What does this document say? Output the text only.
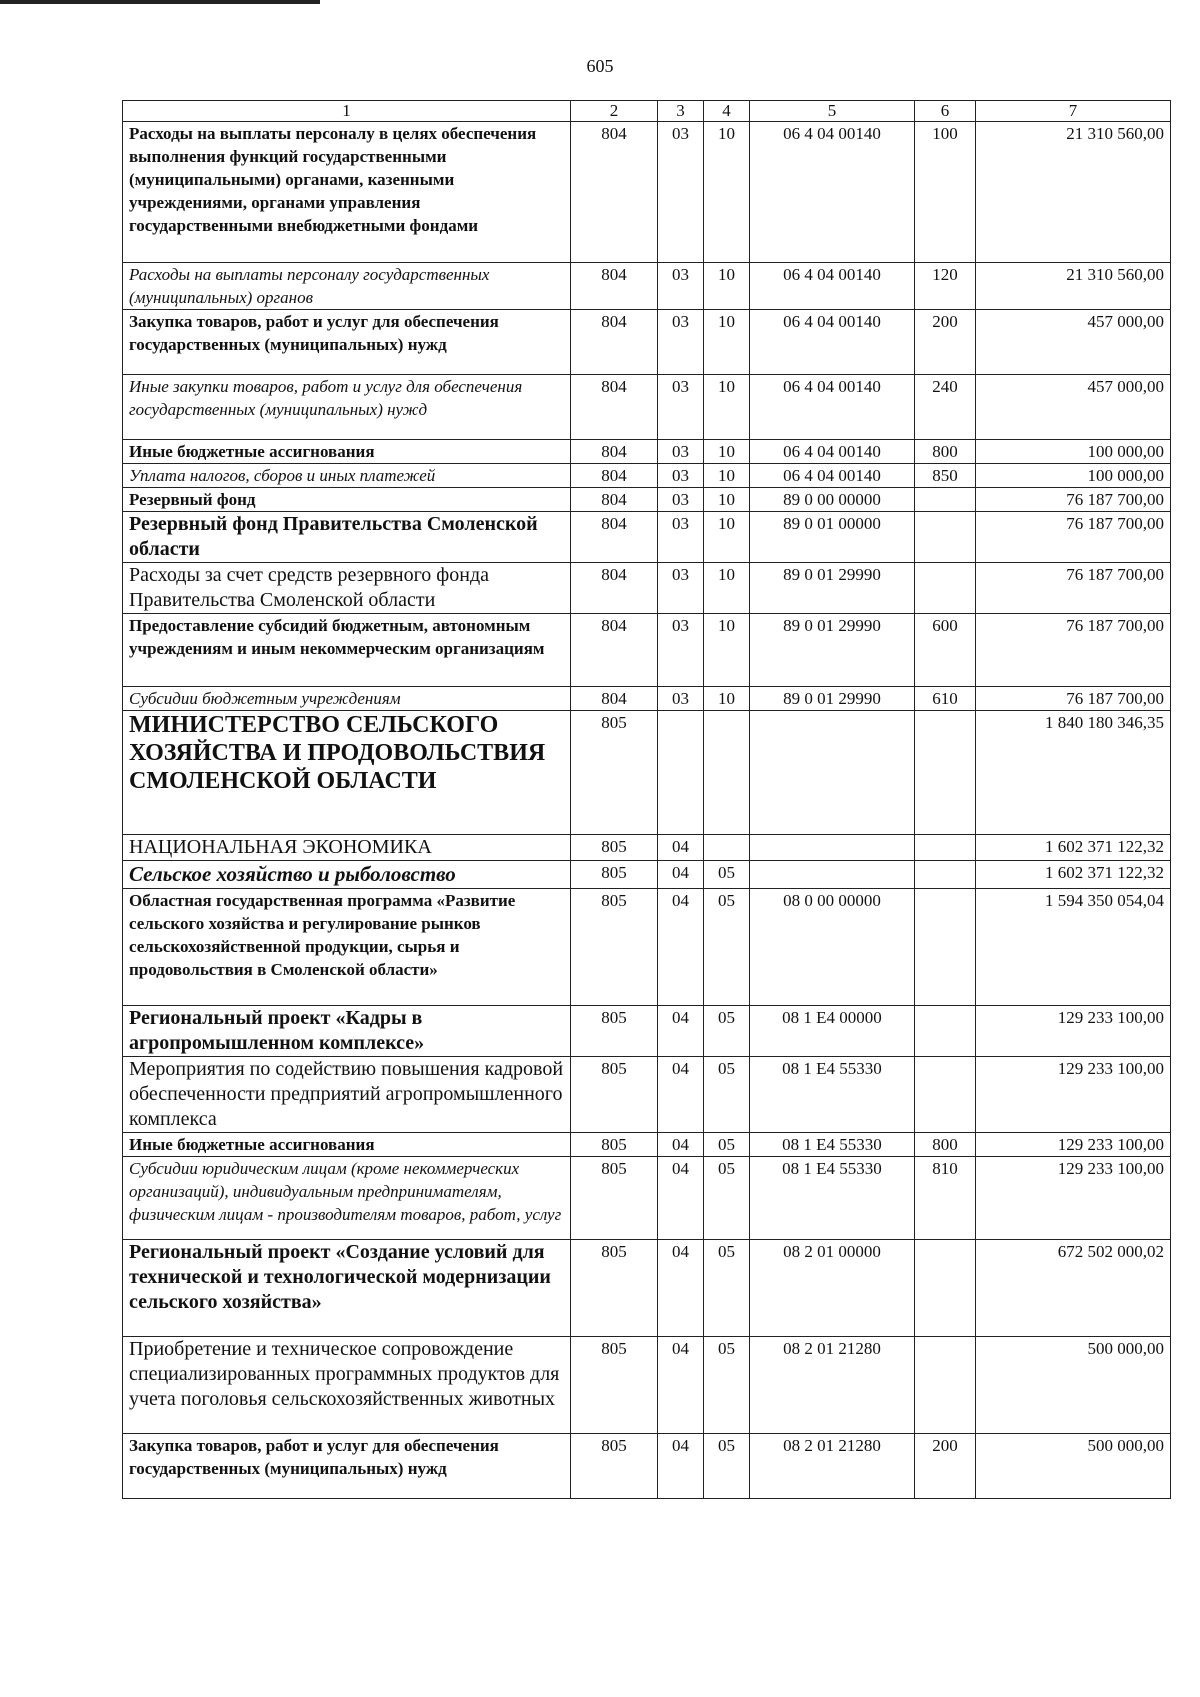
605
1	2	3	4	5	6	7
Расходы на выплаты персоналу в целях обеспечения выполнения функций государственными (муниципальными) органами, казенными учреждениями, органами управления государственными внебюджетными фондами	804	03	10	06 4 04 00140	100	21 310 560,00
Расходы на выплаты персоналу государственных (муниципальных) органов	804	03	10	06 4 04 00140	120	21 310 560,00
Закупка товаров, работ и услуг для обеспечения государственных (муниципальных) нужд	804	03	10	06 4 04 00140	200	457 000,00
Иные закупки товаров, работ и услуг для обеспечения государственных (муниципальных) нужд	804	03	10	06 4 04 00140	240	457 000,00
Иные бюджетные ассигнования	804	03	10	06 4 04 00140	800	100 000,00
Уплата налогов, сборов и иных платежей	804	03	10	06 4 04 00140	850	100 000,00
Резервный фонд	804	03	10	89 0 00 00000		76 187 700,00
Резервный фонд Правительства Смоленской области	804	03	10	89 0 01 00000		76 187 700,00
Расходы за счет средств резервного фонда Правительства Смоленской области	804	03	10	89 0 01 29990		76 187 700,00
Предоставление субсидий бюджетным, автономным учреждениям и иным некоммерческим организациям	804	03	10	89 0 01 29990	600	76 187 700,00
Субсидии бюджетным учреждениям	804	03	10	89 0 01 29990	610	76 187 700,00
МИНИСТЕРСТВО СЕЛЬСКОГО ХОЗЯЙСТВА И ПРОДОВОЛЬСТВИЯ СМОЛЕНСКОЙ ОБЛАСТИ	805					1 840 180 346,35
НАЦИОНАЛЬНАЯ ЭКОНОМИКА	805	04				1 602 371 122,32
Сельское хозяйство и рыболовство	805	04	05			1 602 371 122,32
Областная государственная программа «Развитие сельского хозяйства и регулирование рынков сельскохозяйственной продукции, сырья и продовольствия в Смоленской области»	805	04	05	08 0 00 00000		1 594 350 054,04
Региональный проект «Кадры в агропромышленном комплексе»	805	04	05	08 1 Е4 00000		129 233 100,00
Мероприятия по содействию повышения кадровой обеспеченности предприятий агропромышленного комплекса	805	04	05	08 1 Е4 55330		129 233 100,00
Иные бюджетные ассигнования	805	04	05	08 1 Е4 55330	800	129 233 100,00
Субсидии юридическим лицам (кроме некоммерческих организаций), индивидуальным предпринимателям, физическим лицам - производителям товаров, работ, услуг	805	04	05	08 1 Е4 55330	810	129 233 100,00
Региональный проект «Создание условий для технической и технологической модернизации сельского хозяйства»	805	04	05	08 2 01 00000		672 502 000,02
Приобретение и техническое сопровождение специализированных программных продуктов для учета поголовья сельскохозяйственных животных	805	04	05	08 2 01 21280		500 000,00
Закупка товаров, работ и услуг для обеспечения государственных (муниципальных) нужд	805	04	05	08 2 01 21280	200	500 000,00
